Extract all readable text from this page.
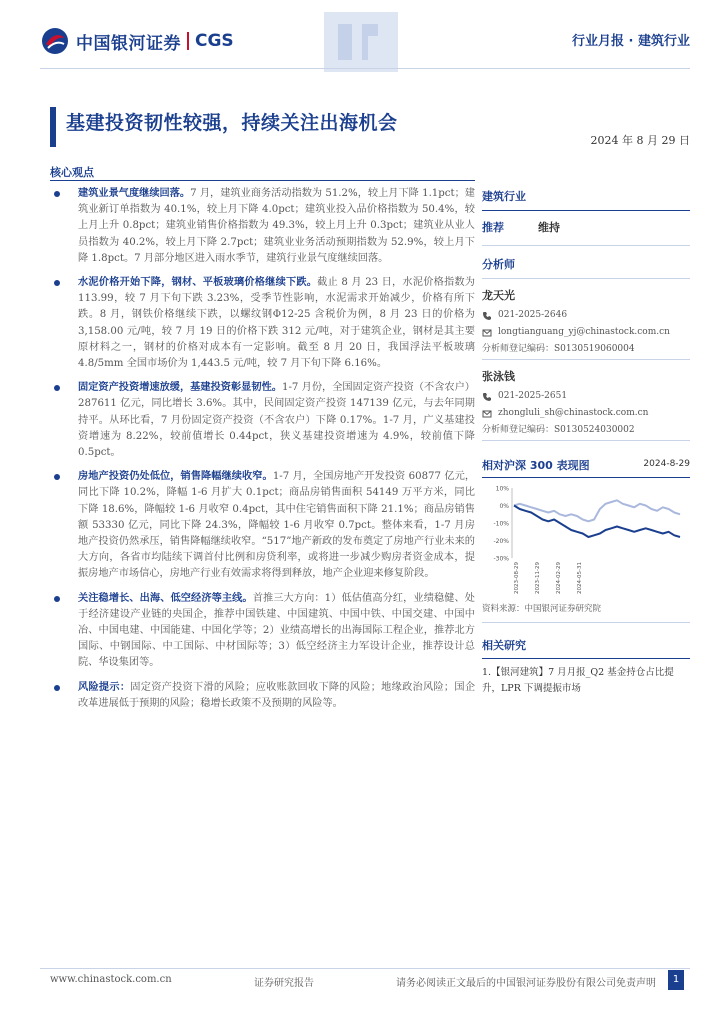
中国银河证券 CGS	行业月报 · 建筑行业
基建投资韧性较强，持续关注出海机会
2024 年 8 月 29 日
核心观点
建筑业景气度继续回落。7 月，建筑业商务活动指数为 51.2%，较上月下降 1.1pct；建筑业新订单指数为 40.1%，较上月下降 4.0pct；建筑业投入品价格指数为 50.4%，较上月上升 0.8pct；建筑业销售价格指数为 49.3%，较上月上升 0.3pct；建筑业从业人员指数为 40.2%，较上月下降 2.7pct；建筑业业务活动预期指数为 52.9%，较上月下降 1.8pct。7 月部分地区进入雨水季节，建筑行业景气度继续回落。
水泥价格开始下降，钢材、平板玻璃价格继续下跌。截止 8 月 23 日，水泥价格指数为 113.99，较 7 月下旬下跌 3.23%，受季节性影响，水泥需求开始减少，价格有所下跌。8 月，钢铁价格继续下跌，以螺纹钢Φ12-25 含税价为例，8 月 23 日的价格为 3,158.00 元/吨，较 7 月 19 日的价格下跌 312 元/吨，对于建筑企业，钢材是其主要原材料之一，钢材的价格对成本有一定影响。截至 8 月 20 日，我国浮法平板玻璃 4.8/5mm 全国市场价为 1,443.5 元/吨，较 7 月下旬下降 6.16%。
固定资产投资增速放缓，基建投资彰显韧性。1-7 月份，全国固定资产投资（不含农户）287611 亿元，同比增长 3.6%。其中，民间固定资产投资 147139 亿元，与去年同期持平。从环比看，7 月份固定资产投资（不含农户）下降 0.17%。1-7 月，广义基建投资增速为 8.22%，较前值增长 0.44pct，狭义基建投资增速为 4.9%，较前值下降 0.5pct。
房地产投资仍处低位，销售降幅继续收窄。1-7 月，全国房地产开发投资 60877 亿元，同比下降 10.2%，降幅 1-6 月扩大 0.1pct；商品房销售面积 54149 万平方米，同比下降 18.6%，降幅较 1-6 月收窄 0.4pct，其中住宅销售面积下降 21.1%；商品房销售额 53330 亿元，同比下降 24.3%，降幅较 1-6 月收窄 0.7pct。整体来看，1-7 月房地产投资仍然承压，销售降幅继续收窄。“517”地产新政的发布奠定了房地产行业未来的大方向，各省市均陆续下调首付比例和房贷利率，或将进一步减少购房者资金成本，提振房地产市场信心，房地产行业有效需求将得到释放，地产企业迎来修复阶段。
关注稳增长、出海、低空经济等主线。首推三大方向：1）低估值高分红，业绩稳健、处于经济建设产业链的央国企，推荐中国铁建、中国建筑、中国中铁、中国交建、中国中冶、中国电建、中国能建、中国化学等；2）业绩高增长的出海国际工程企业，推荐北方国际、中钢国际、中工国际、中材国际等；3）低空经济主力军设计企业，推荐设计总院、华设集团等。
风险提示：固定资产投资下滑的风险；应收账款回收下降的风险；地缘政治风险；国企改革进展低于预期的风险；稳增长政策不及预期的风险等。
建筑行业
推荐	维持
分析师
龙天光
021-2025-2646
longtianguang_yj@chinastock.com.cn
分析师登记编码：S0130519060004
张泳钱
021-2025-2651
zhongluli_sh@chinastock.com.cn
分析师登记编码：S0130524030002
相对沪深 300 表现图	2024-8-29
10%
0%
-10%
-20%
-30%
2023-08-29	2023-11-29	2024-02-29	2024-05-31
资料来源：中国银河证券研究院
相关研究
1.【银河建筑】7 月月报_Q2 基金持仓占比提升，LPR 下调提振市场
www.chinastock.com.cn	证券研究报告	请务必阅读正文最后的中国银河证券股份有限公司免责声明	1
